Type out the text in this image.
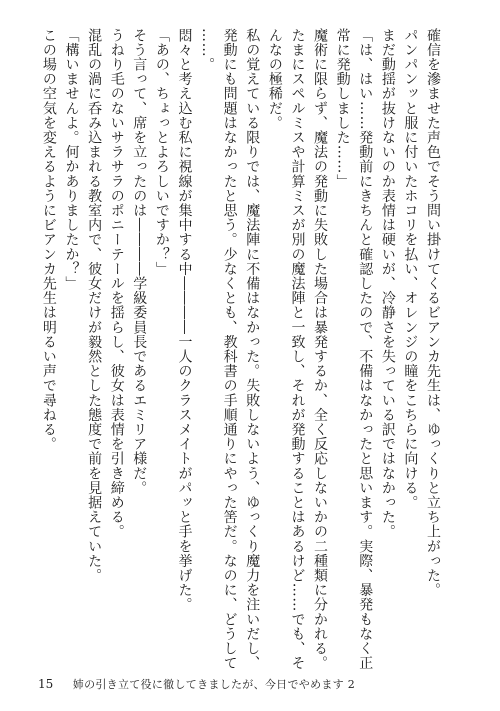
確信を滲ませた声色でそう問い掛けてくるビアンカ先生は、ゆっくりと立ち上がった。
パンパンッと服に付いたホコリを払い、オレンジの瞳をこちらに向ける。
まだ動揺が抜けないのか表情は硬いが、冷静さを失っている訳ではなかった。
「は、はい……発動前にきちんと確認したので、不備はなかったと思います。実際、暴発もなく正
常に発動しました……」
魔術に限らず、魔法の発動に失敗した場合は暴発するか、全く反応しないかの二種類に分かれる。
たまにスペルミスや計算ミスが別の魔法陣と一致し、それが発動することはあるけど……でも、そ
んなの極稀だ。
私の覚えている限りでは、魔法陣に不備はなかった。失敗しないよう、ゆっくり魔力を注いだし、
発動にも問題はなかったと思う。少なくとも、教科書の手順通りにやった筈だ。なのに、どうして
……。
悶々と考え込む私に視線が集中する中――――一人のクラスメイトがパッと手を挙げた。
「あの、ちょっとよろしいですか？」
そう言って、席を立ったのは――――学級委員長であるエミリア様だ。
うねり毛のないサラサラのポニーテールを揺らし、彼女は表情を引き締める。
混乱の渦に呑み込まれる教室内で、彼女だけが毅然とした態度で前を見据えていた。
「構いませんよ。何かありましたか？」
この場の空気を変えるようにビアンカ先生は明るい声で尋ねる。
15 姉の引き立て役に徹してきましたが、今日でやめます 2
